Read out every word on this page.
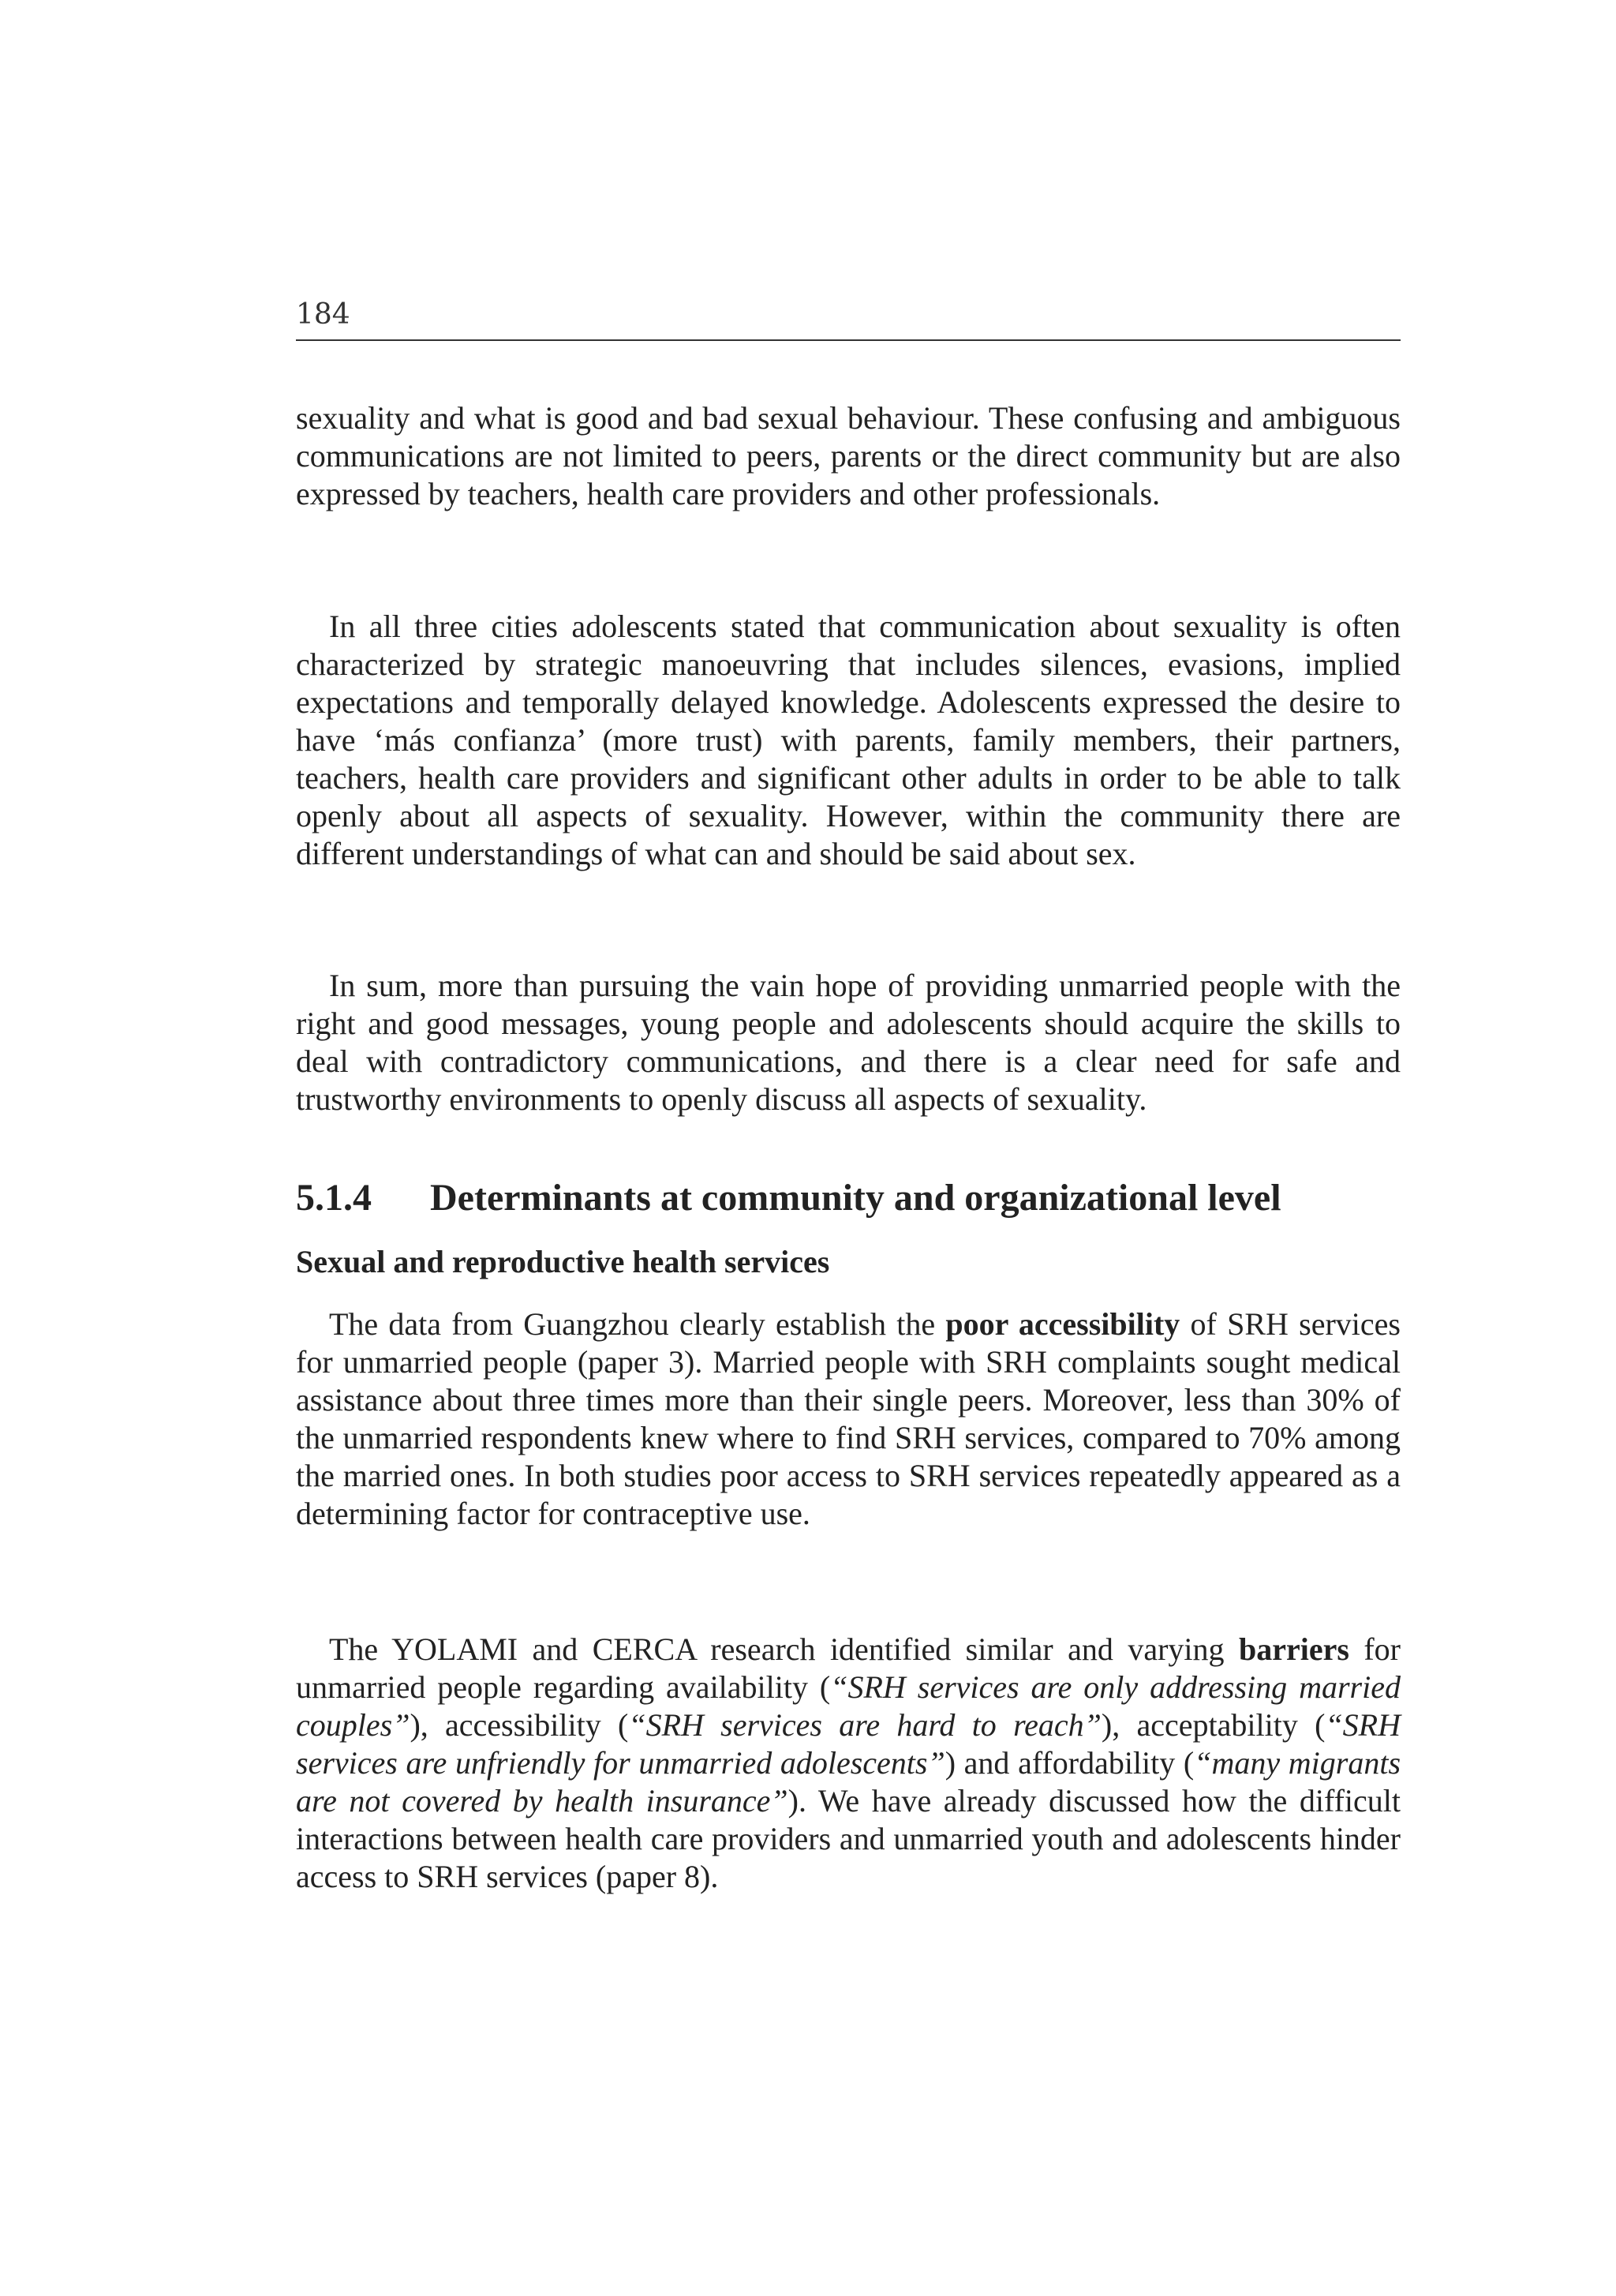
184

sexuality and what is good and bad sexual behaviour. These confusing and ambiguous communications are not limited to peers, parents or the direct community but are also expressed by teachers, health care providers and other professionals.

In all three cities adolescents stated that communication about sexuality is often characterized by strategic manoeuvring that includes silences, evasions, implied expectations and temporally delayed knowledge. Adolescents expressed the desire to have ‘más confianza’ (more trust) with parents, family members, their partners, teachers, health care providers and significant other adults in order to be able to talk openly about all aspects of sexuality. However, within the community there are different understandings of what can and should be said about sex.

In sum, more than pursuing the vain hope of providing unmarried people with the right and good messages, young people and adolescents should acquire the skills to deal with contradictory communications, and there is a clear need for safe and trustworthy environments to openly discuss all aspects of sexuality.

5.1.4 Determinants at community and organizational level
Sexual and reproductive health services

The data from Guangzhou clearly establish the poor accessibility of SRH services for unmarried people (paper 3). Married people with SRH complaints sought medical assistance about three times more than their single peers. Moreover, less than 30% of the unmarried respondents knew where to find SRH services, compared to 70% among the married ones. In both studies poor access to SRH services repeatedly appeared as a determining factor for contraceptive use.

The YOLAMI and CERCA research identified similar and varying barriers for unmarried people regarding availability (“SRH services are only addressing married couples”), accessibility (“SRH services are hard to reach”), acceptability (“SRH services are unfriendly for unmarried adolescents”) and affordability (“many migrants are not covered by health insurance”). We have already discussed how the difficult interactions between health care providers and unmarried youth and adolescents hinder access to SRH services (paper 8).
